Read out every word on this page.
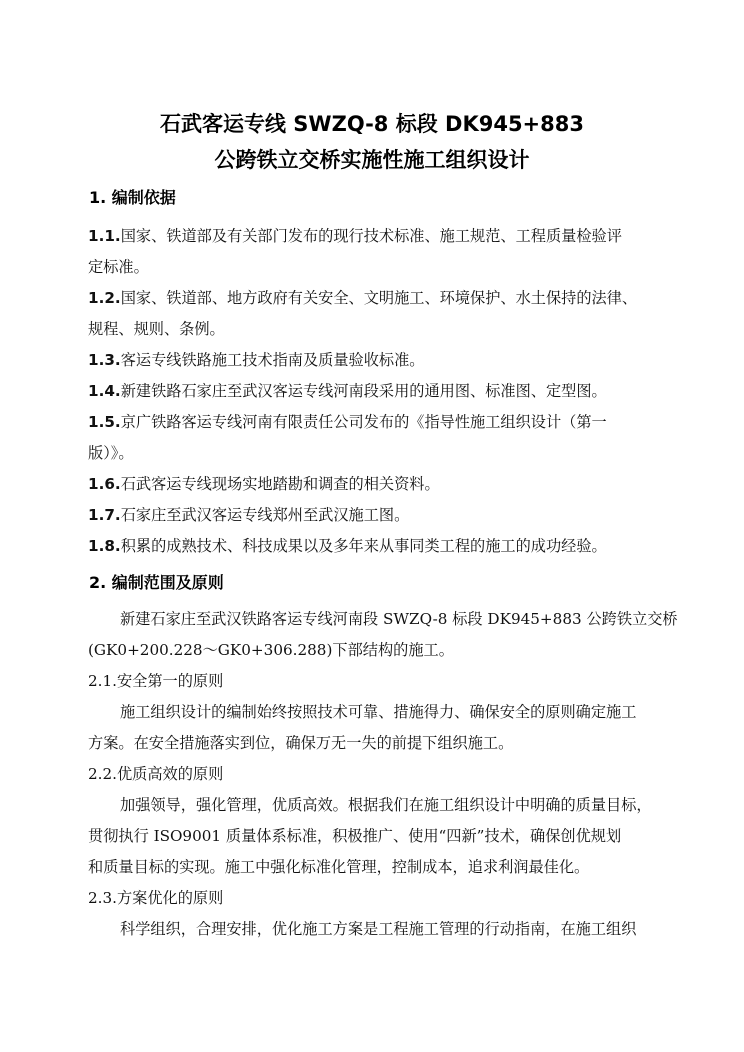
石武客运专线 SWZQ-8 标段 DK945+883
公跨铁立交桥实施性施工组织设计
1. 编制依据
1.1.国家、铁道部及有关部门发布的现行技术标准、施工规范、工程质量检验评
定标准。
1.2.国家、铁道部、地方政府有关安全、文明施工、环境保护、水土保持的法律、
规程、规则、条例。
1.3.客运专线铁路施工技术指南及质量验收标准。
1.4.新建铁路石家庄至武汉客运专线河南段采用的通用图、标准图、定型图。
1.5.京广铁路客运专线河南有限责任公司发布的《指导性施工组织设计（第一
版）》。
1.6.石武客运专线现场实地踏勘和调查的相关资料。
1.7.石家庄至武汉客运专线郑州至武汉施工图。
1.8.积累的成熟技术、科技成果以及多年来从事同类工程的施工的成功经验。
2. 编制范围及原则
新建石家庄至武汉铁路客运专线河南段 SWZQ-8 标段 DK945+883 公跨铁立交桥
(GK0+200.228～GK0+306.288)下部结构的施工。
2.1.安全第一的原则
施工组织设计的编制始终按照技术可靠、措施得力、确保安全的原则确定施工
方案。在安全措施落实到位，确保万无一失的前提下组织施工。
2.2.优质高效的原则
加强领导，强化管理，优质高效。根据我们在施工组织设计中明确的质量目标，
贯彻执行 ISO9001 质量体系标准，积极推广、使用“四新”技术，确保创优规划
和质量目标的实现。施工中强化标准化管理，控制成本，追求利润最佳化。
2.3.方案优化的原则
科学组织，合理安排，优化施工方案是工程施工管理的行动指南，在施工组织
